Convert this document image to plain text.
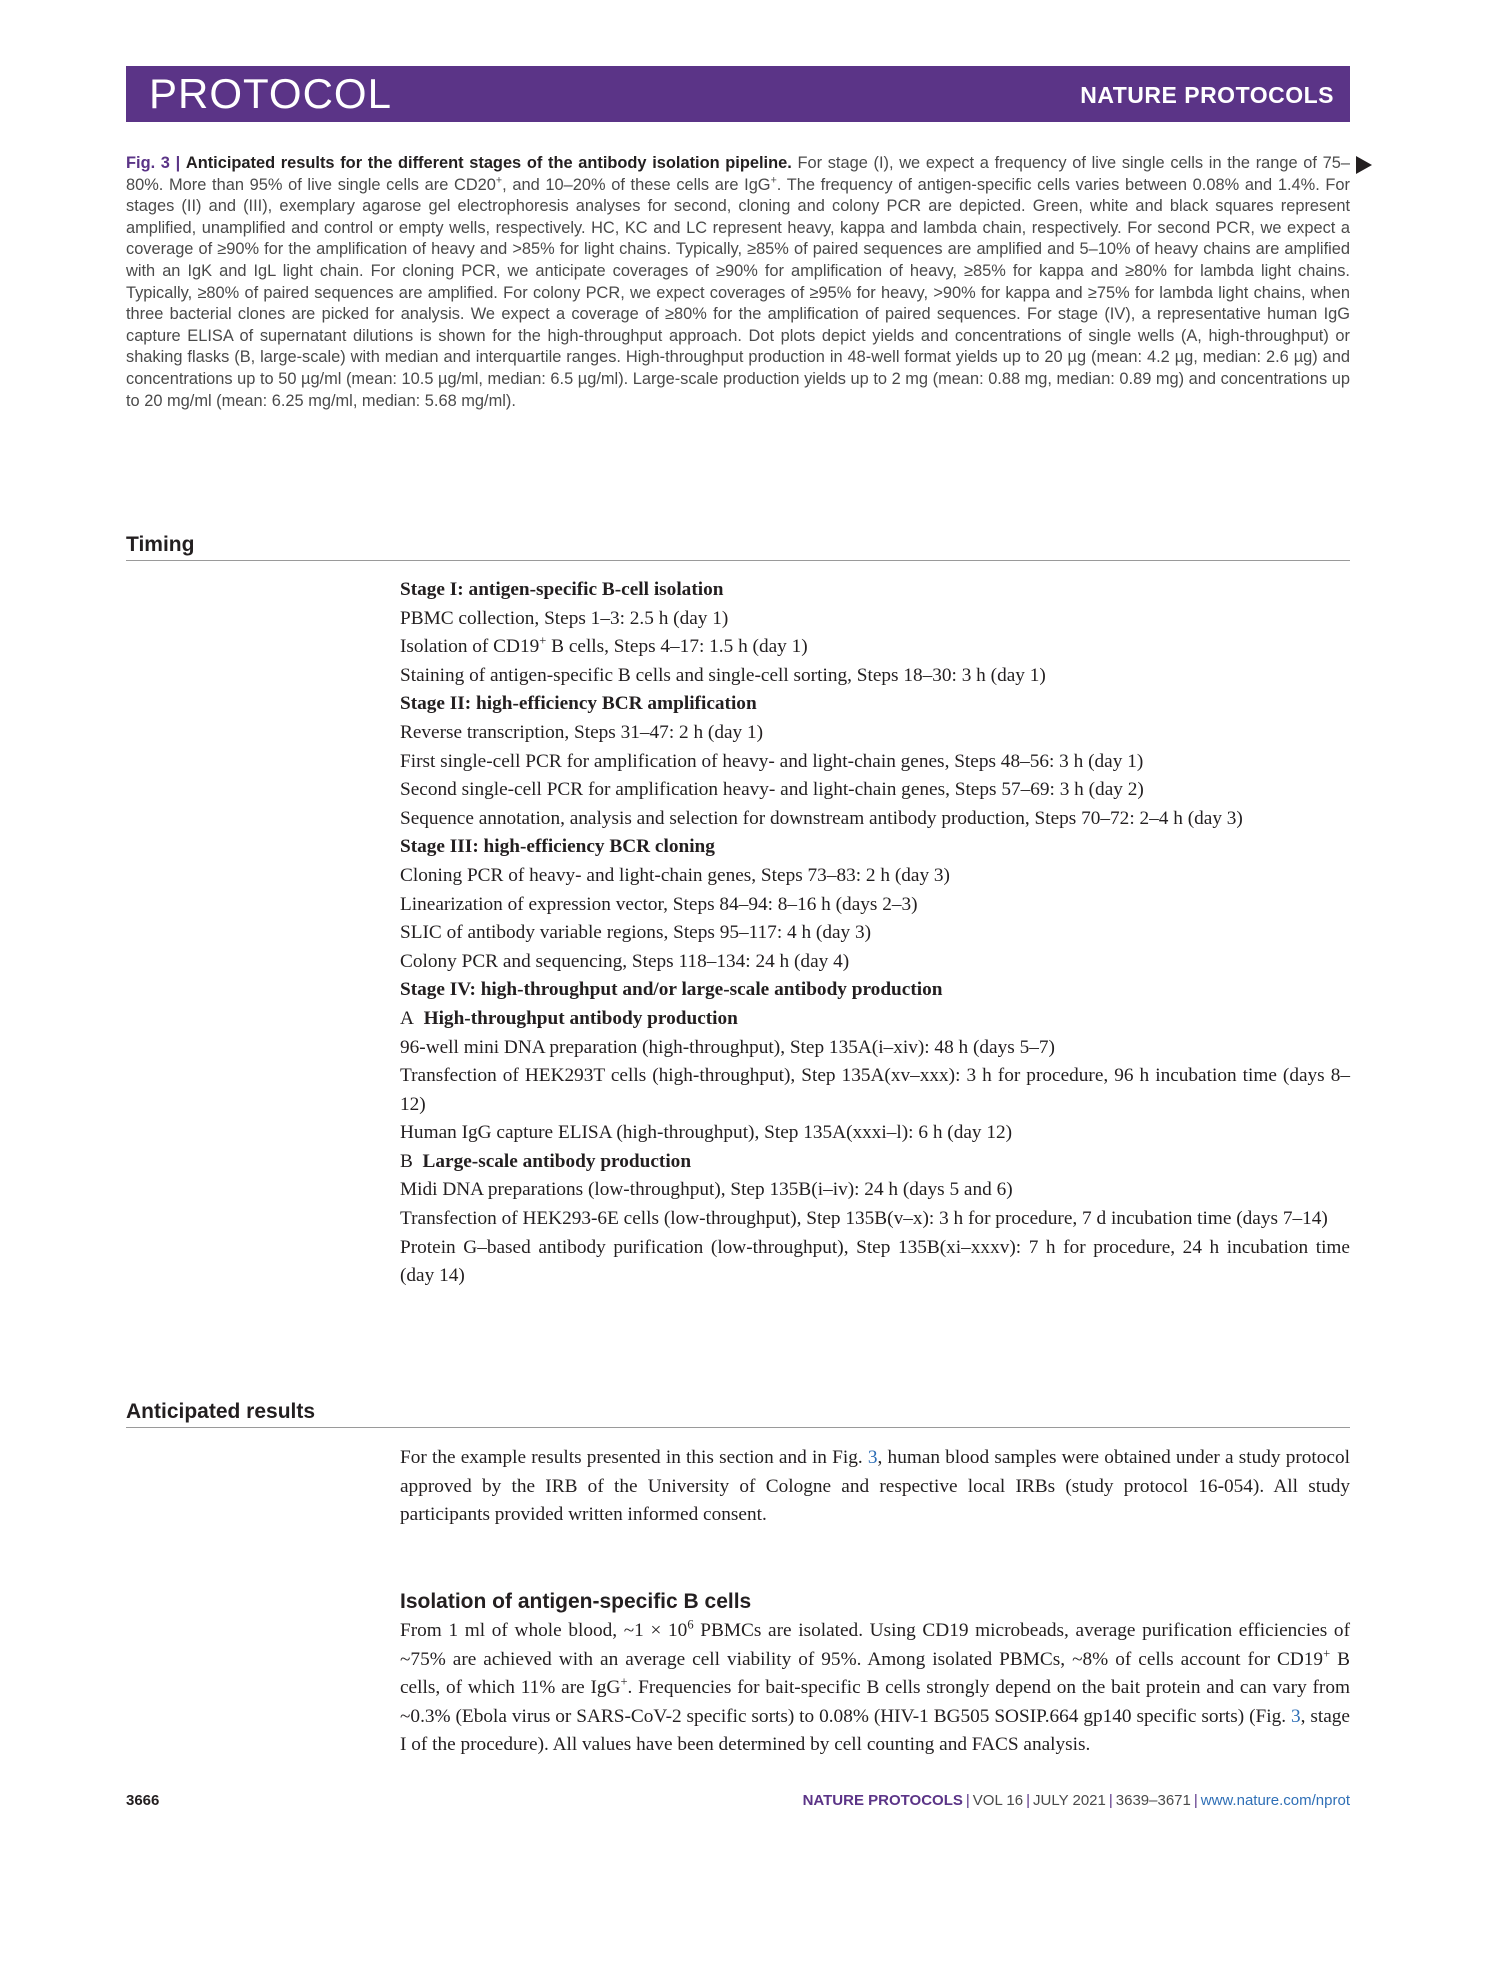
PROTOCOL	NATURE PROTOCOLS
Fig. 3 | Anticipated results for the different stages of the antibody isolation pipeline. For stage (I), we expect a frequency of live single cells in the range of 75–80%. More than 95% of live single cells are CD20+, and 10–20% of these cells are IgG+. The frequency of antigen-specific cells varies between 0.08% and 1.4%. For stages (II) and (III), exemplary agarose gel electrophoresis analyses for second, cloning and colony PCR are depicted. Green, white and black squares represent amplified, unamplified and control or empty wells, respectively. HC, KC and LC represent heavy, kappa and lambda chain, respectively. For second PCR, we expect a coverage of ≥90% for the amplification of heavy and >85% for light chains. Typically, ≥85% of paired sequences are amplified and 5–10% of heavy chains are amplified with an IgK and IgL light chain. For cloning PCR, we anticipate coverages of ≥90% for amplification of heavy, ≥85% for kappa and ≥80% for lambda light chains. Typically, ≥80% of paired sequences are amplified. For colony PCR, we expect coverages of ≥95% for heavy, >90% for kappa and ≥75% for lambda light chains, when three bacterial clones are picked for analysis. We expect a coverage of ≥80% for the amplification of paired sequences. For stage (IV), a representative human IgG capture ELISA of supernatant dilutions is shown for the high-throughput approach. Dot plots depict yields and concentrations of single wells (A, high-throughput) or shaking flasks (B, large-scale) with median and interquartile ranges. High-throughput production in 48-well format yields up to 20 µg (mean: 4.2 µg, median: 2.6 µg) and concentrations up to 50 µg/ml (mean: 10.5 µg/ml, median: 6.5 µg/ml). Large-scale production yields up to 2 mg (mean: 0.88 mg, median: 0.89 mg) and concentrations up to 20 mg/ml (mean: 6.25 mg/ml, median: 5.68 mg/ml).
Timing
Stage I: antigen-specific B-cell isolation
PBMC collection, Steps 1–3: 2.5 h (day 1)
Isolation of CD19+ B cells, Steps 4–17: 1.5 h (day 1)
Staining of antigen-specific B cells and single-cell sorting, Steps 18–30: 3 h (day 1)
Stage II: high-efficiency BCR amplification
Reverse transcription, Steps 31–47: 2 h (day 1)
First single-cell PCR for amplification of heavy- and light-chain genes, Steps 48–56: 3 h (day 1)
Second single-cell PCR for amplification heavy- and light-chain genes, Steps 57–69: 3 h (day 2)
Sequence annotation, analysis and selection for downstream antibody production, Steps 70–72: 2–4 h (day 3)
Stage III: high-efficiency BCR cloning
Cloning PCR of heavy- and light-chain genes, Steps 73–83: 2 h (day 3)
Linearization of expression vector, Steps 84–94: 8–16 h (days 2–3)
SLIC of antibody variable regions, Steps 95–117: 4 h (day 3)
Colony PCR and sequencing, Steps 118–134: 24 h (day 4)
Stage IV: high-throughput and/or large-scale antibody production
A High-throughput antibody production
96-well mini DNA preparation (high-throughput), Step 135A(i–xiv): 48 h (days 5–7)
Transfection of HEK293T cells (high-throughput), Step 135A(xv–xxx): 3 h for procedure, 96 h incubation time (days 8–12)
Human IgG capture ELISA (high-throughput), Step 135A(xxxi–l): 6 h (day 12)
B Large-scale antibody production
Midi DNA preparations (low-throughput), Step 135B(i–iv): 24 h (days 5 and 6)
Transfection of HEK293-6E cells (low-throughput), Step 135B(v–x): 3 h for procedure, 7 d incubation time (days 7–14)
Protein G–based antibody purification (low-throughput), Step 135B(xi–xxxv): 7 h for procedure, 24 h incubation time (day 14)
Anticipated results
For the example results presented in this section and in Fig. 3, human blood samples were obtained under a study protocol approved by the IRB of the University of Cologne and respective local IRBs (study protocol 16-054). All study participants provided written informed consent.
Isolation of antigen-specific B cells
From 1 ml of whole blood, ~1 × $10^6$ PBMCs are isolated. Using CD19 microbeads, average purification efficiencies of ~75% are achieved with an average cell viability of 95%. Among isolated PBMCs, ~8% of cells account for CD19+ B cells, of which 11% are IgG+. Frequencies for bait-specific B cells strongly depend on the bait protein and can vary from ~0.3% (Ebola virus or SARS-CoV-2 specific sorts) to 0.08% (HIV-1 BG505 SOSIP.664 gp140 specific sorts) (Fig. 3, stage I of the procedure). All values have been determined by cell counting and FACS analysis.
3666	NATURE PROTOCOLS | VOL 16 | JULY 2021 | 3639–3671 | www.nature.com/nprot
